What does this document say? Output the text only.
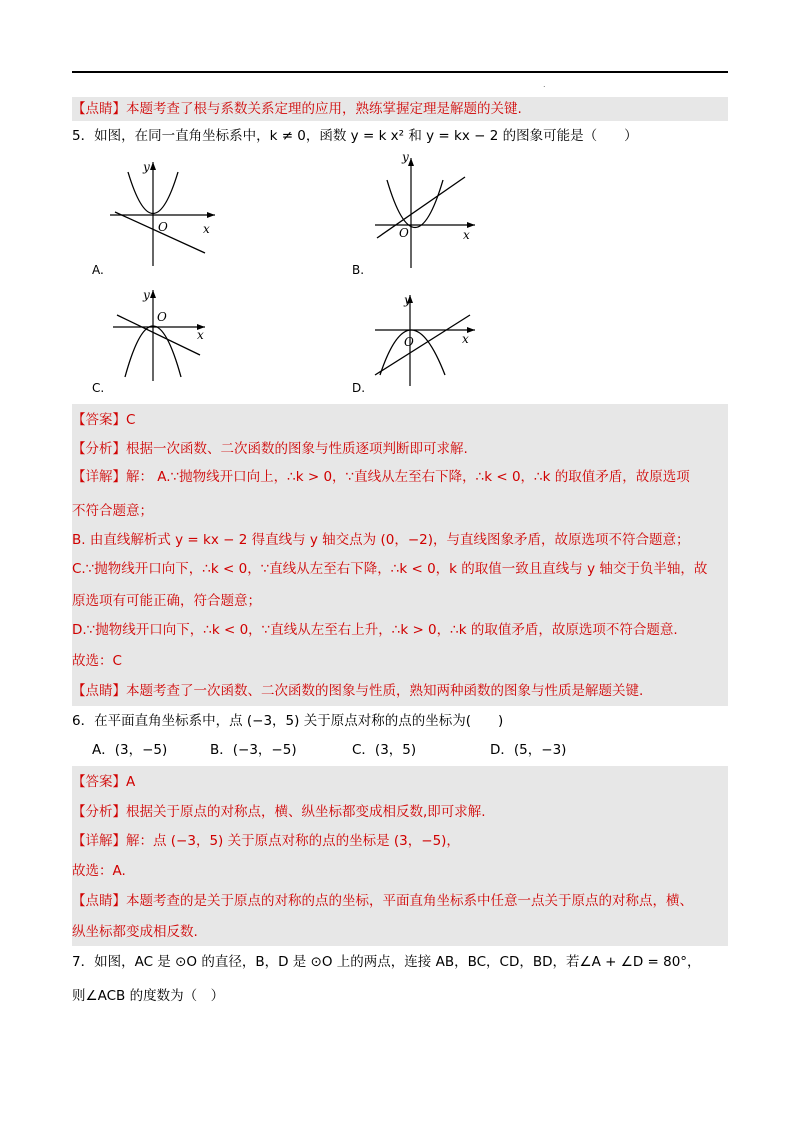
.
【点睛】本题考查了根与系数关系定理的应用，熟练掌握定理是解题的关键.
5．如图，在同一直角坐标系中，k ≠ 0，函数 y = k x² 和 y = kx − 2 的图象可能是（　　）
y
x
O
A.
y
x
O
B.
y
x
O
C.
y
x
O
D.
【答案】C
【分析】根据一次函数、二次函数的图象与性质逐项判断即可求解.
【详解】解： A.∵抛物线开口向上，∴k > 0，∵直线从左至右下降，∴k < 0，∴k 的取值矛盾，故原选项
不符合题意；
B. 由直线解析式 y = kx − 2 得直线与 y 轴交点为 (0，−2)，与直线图象矛盾，故原选项不符合题意；
C.∵抛物线开口向下，∴k < 0，∵直线从左至右下降，∴k < 0，k 的取值一致且直线与 y 轴交于负半轴，故
原选项有可能正确，符合题意；
D.∵抛物线开口向下，∴k < 0，∵直线从左至右上升，∴k > 0，∴k 的取值矛盾，故原选项不符合题意.
故选：C
【点睛】本题考查了一次函数、二次函数的图象与性质，熟知两种函数的图象与性质是解题关键.
6．在平面直角坐标系中，点 (−3，5) 关于原点对称的点的坐标为(　　)
A．(3，−5)	B．(−3，−5)	C．(3，5)	D．(5，−3)
【答案】A
【分析】根据关于原点的对称点，横、纵坐标都变成相反数,即可求解.
【详解】解：点 (−3，5) 关于原点对称的点的坐标是 (3，−5)，
故选：A.
【点睛】本题考查的是关于原点的对称的点的坐标，平面直角坐标系中任意一点关于原点的对称点，横、
纵坐标都变成相反数.
7．如图，AC 是 ⊙O 的直径，B，D 是 ⊙O 上的两点，连接 AB，BC，CD，BD，若∠A + ∠D = 80°，
则∠ACB 的度数为（　）
